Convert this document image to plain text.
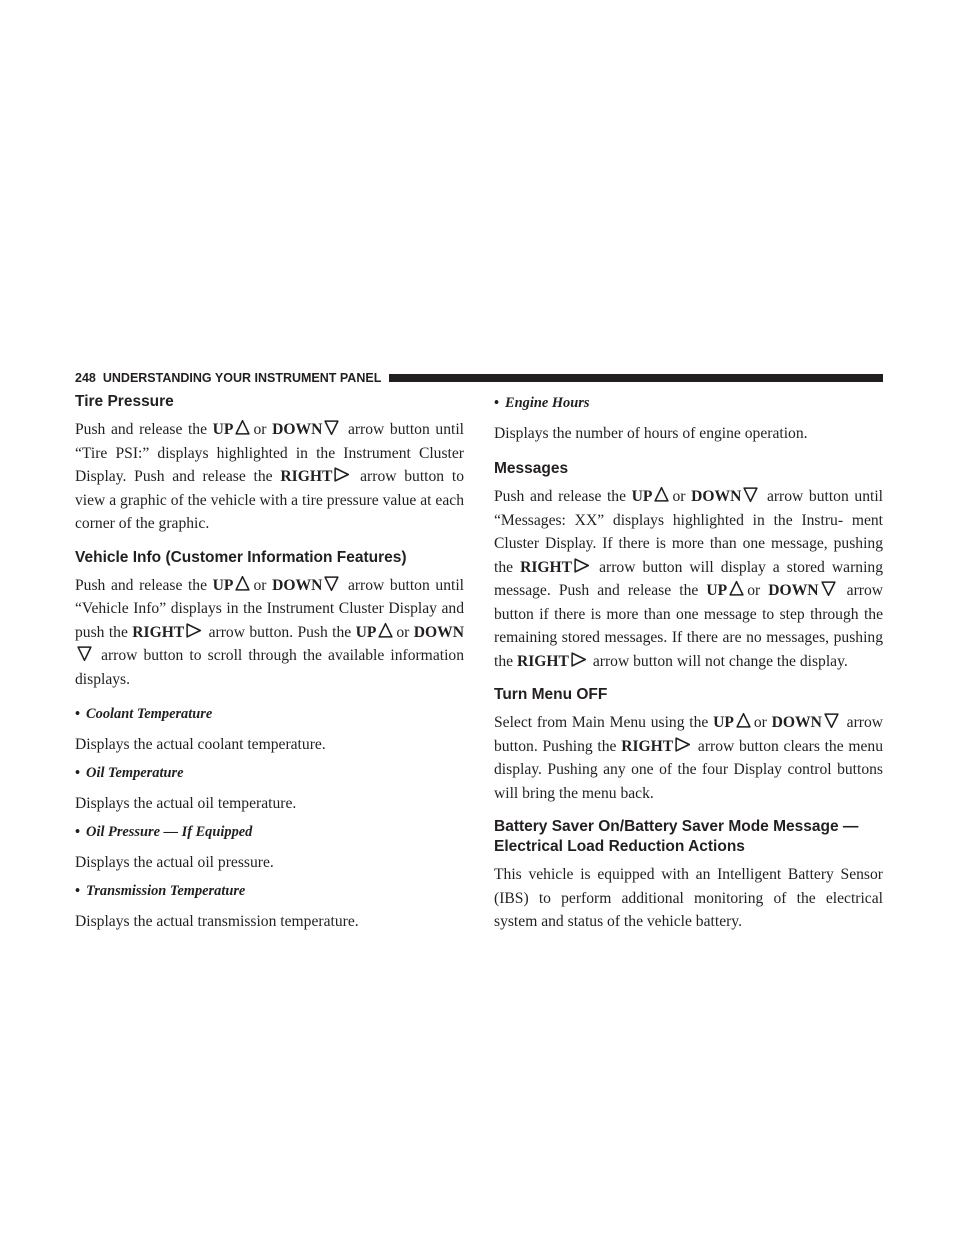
248 UNDERSTANDING YOUR INSTRUMENT PANEL
Tire Pressure

Push and release the UP or DOWN
arrow button until “Tire PSI:” displays highlighted in the Instrument Cluster Display. Push and release the RIGHT
arrow button to view a graphic of the vehicle with a tire pressure value at each corner of the graphic.

Vehicle Info (Customer Information Features)

Push and release the UP or DOWN
arrow button until “Vehicle Info” displays in the Instrument Cluster Display and push the RIGHT
arrow button. Push the UP or DOWN
arrow button to scroll through the available information displays.

• Coolant Temperature

Displays the actual coolant temperature.

• Oil Temperature

Displays the actual oil temperature.

• Oil Pressure — If Equipped

Displays the actual oil pressure.

• Transmission Temperature

Displays the actual transmission temperature.

• Engine Hours

Displays the number of hours of engine operation.

Messages

Push and release the UP or DOWN
arrow button until “Messages: XX” displays highlighted in the Instru- ment Cluster Display. If there is more than one message, pushing the RIGHT
arrow button will display a stored warning message. Push and release the UP or DOWN
arrow button if there is more than one message to step through the remaining stored messages. If there are no messages, pushing the RIGHT
arrow button will not change the display.

Turn Menu OFF

Select from Main Menu using the UP or DOWN
arrow button. Pushing the RIGHT
arrow button clears the menu display. Pushing any one of the four Display control buttons will bring the menu back.

Battery Saver On/Battery Saver Mode Message —
Electrical Load Reduction Actions

This vehicle is equipped with an Intelligent Battery Sensor (IBS) to perform additional monitoring of the electrical system and status of the vehicle battery.
